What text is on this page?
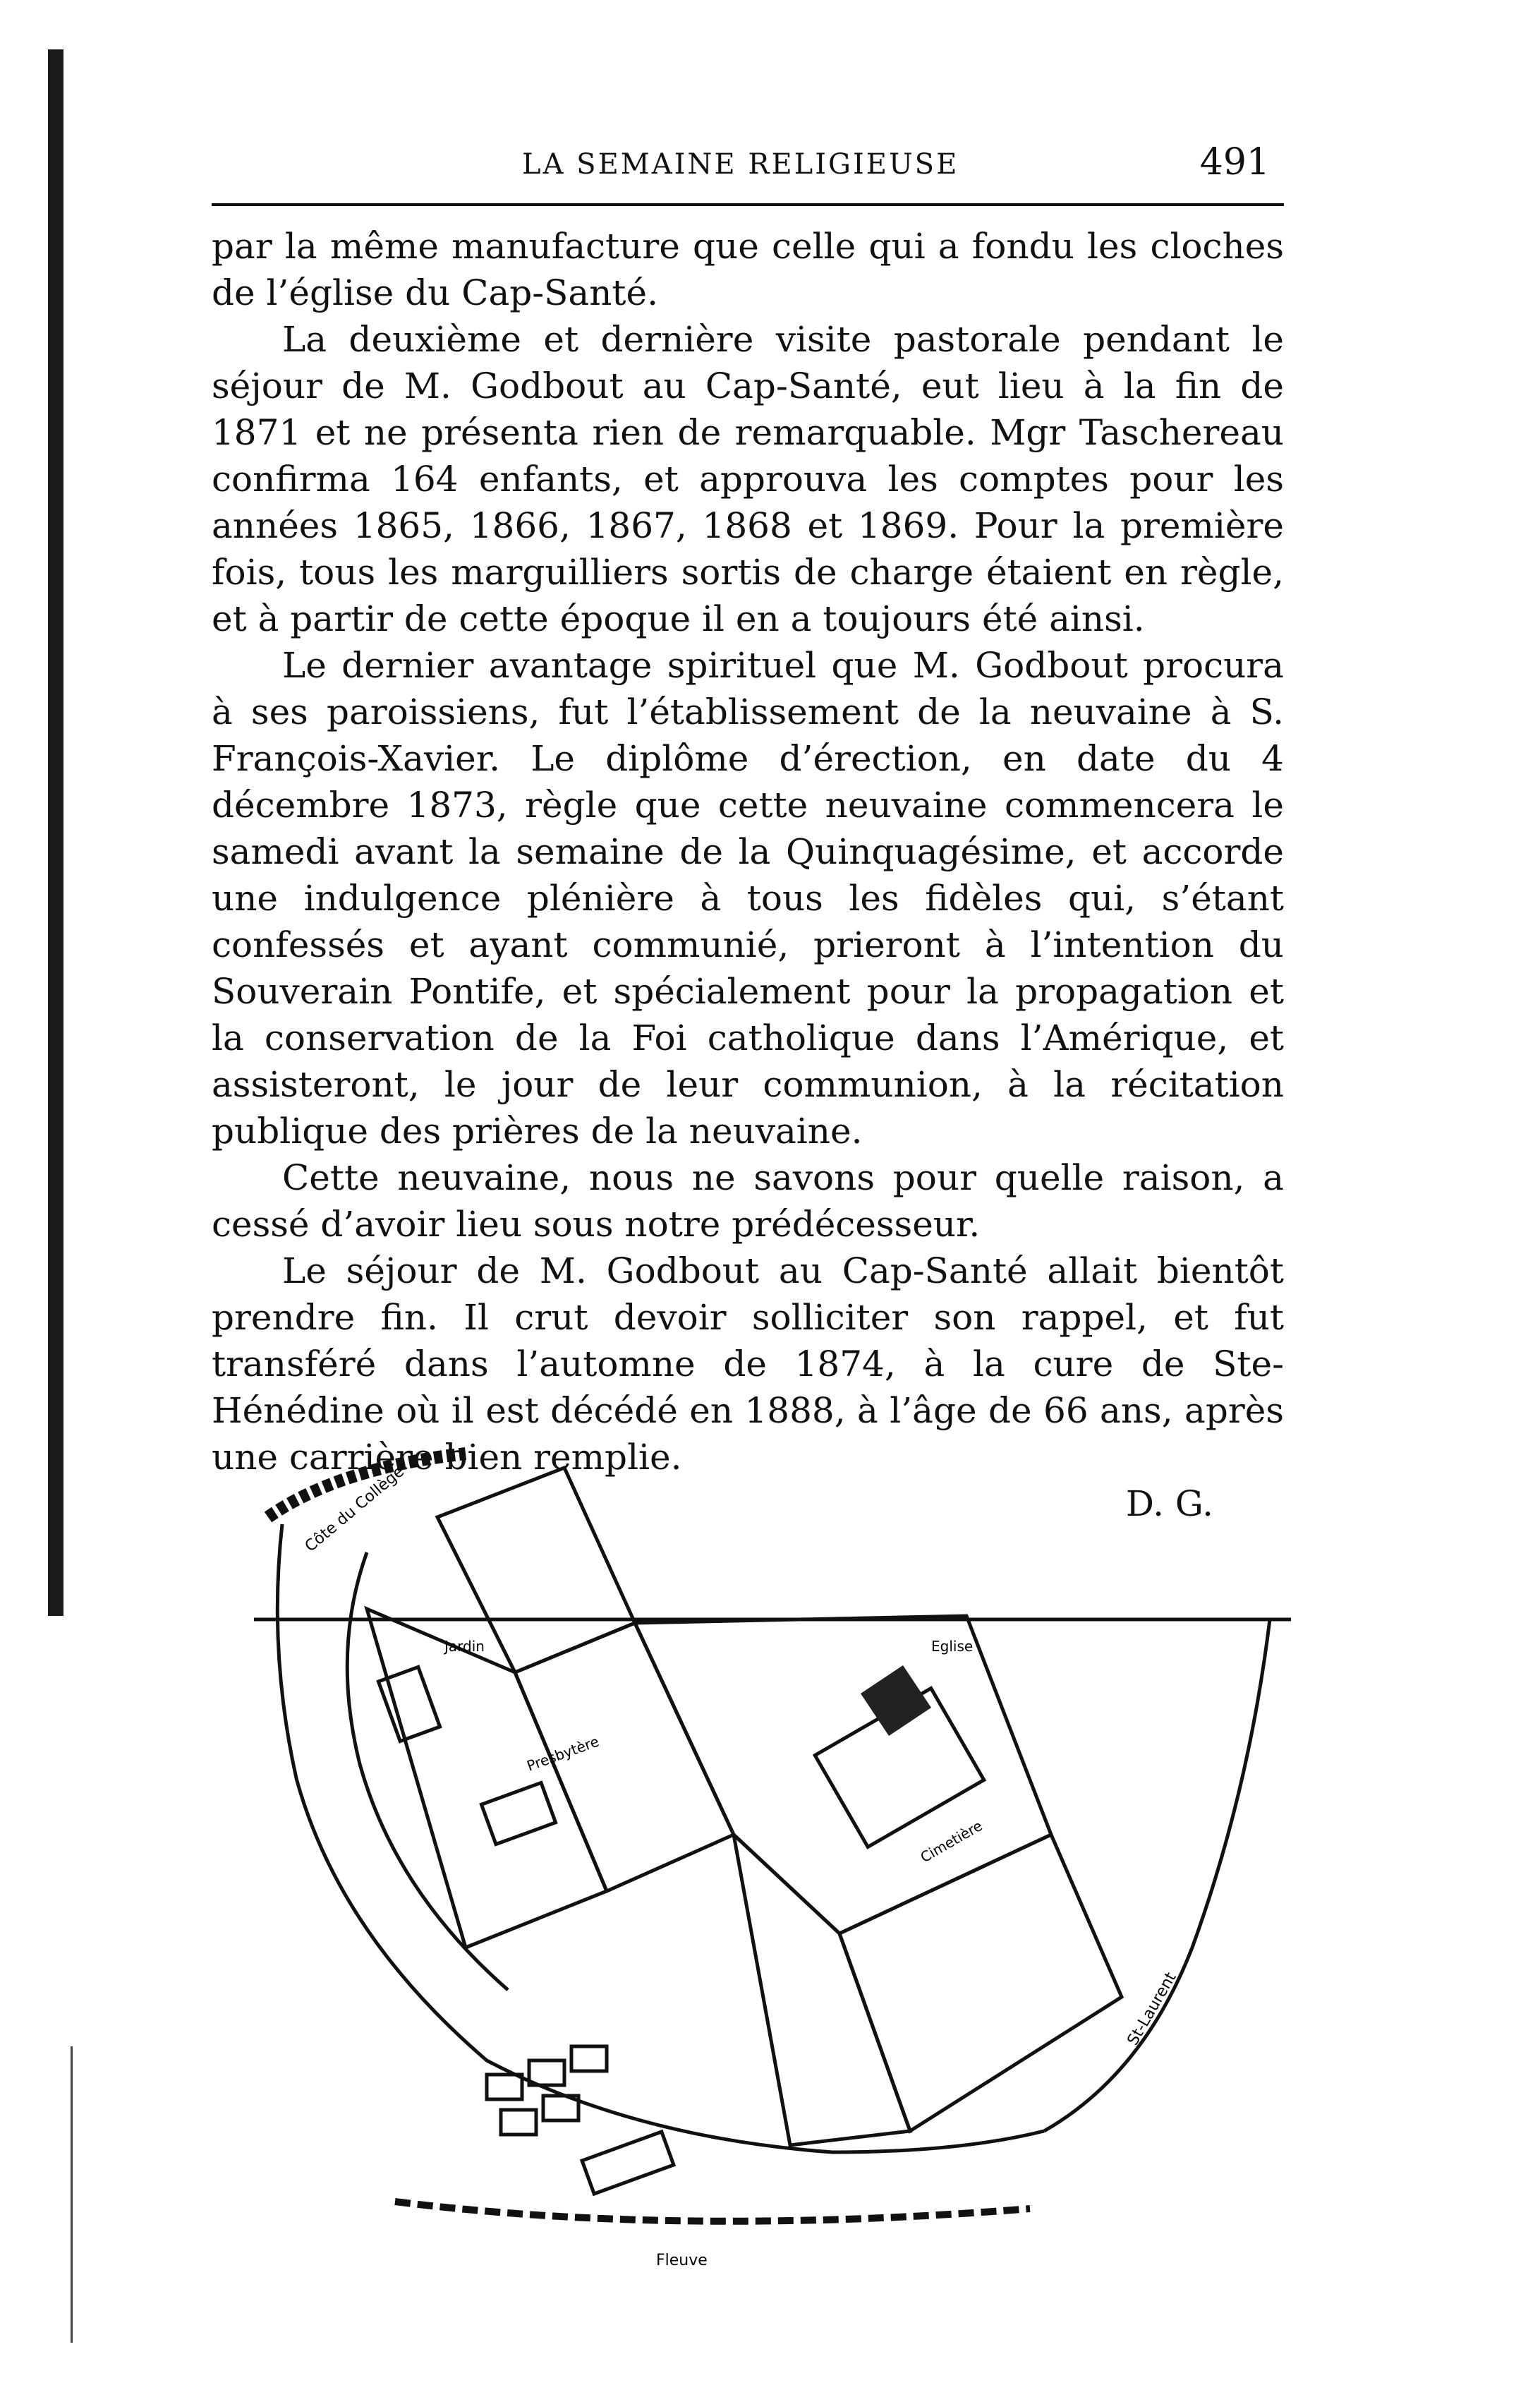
LA SEMAINE RELIGIEUSE	491

par la même manufacture que celle qui a fondu les cloches de l’église du Cap-Santé.

La deuxième et dernière visite pastorale pendant le séjour de M. Godbout au Cap-Santé, eut lieu à la fin de 1871 et ne présenta rien de remarquable. Mgr Taschereau confirma 164 enfants, et approuva les comptes pour les années 1865, 1866, 1867, 1868 et 1869. Pour la première fois, tous les marguilliers sortis de charge étaient en règle, et à partir de cette époque il en a toujours été ainsi.

Le dernier avantage spirituel que M. Godbout procura à ses paroissiens, fut l’établissement de la neuvaine à S. François-Xavier. Le diplôme d’érection, en date du 4 décembre 1873, règle que cette neuvaine commencera le samedi avant la semaine de la Quinquagésime, et accorde une indulgence plénière à tous les fidèles qui, s’étant confessés et ayant communié, prieront à l’intention du Souverain Pontife, et spécialement pour la propagation et la conservation de la Foi catholique dans l’Amérique, et assisteront, le jour de leur communion, à la récitation publique des prières de la neuvaine.

Cette neuvaine, nous ne savons pour quelle raison, a cessé d’avoir lieu sous notre prédécesseur.

Le séjour de M. Godbout au Cap-Santé allait bientôt prendre fin. Il crut devoir solliciter son rappel, et fut transféré dans l’automne de 1874, à la cure de Ste-Hénédine où il est décédé en 1888, à l’âge de 66 ans, après une carrière bien remplie.

D. G.
Côte du Collège
Jardin
Presbytère
Eglise
Cimetière
Fleuve
St-Laurent
